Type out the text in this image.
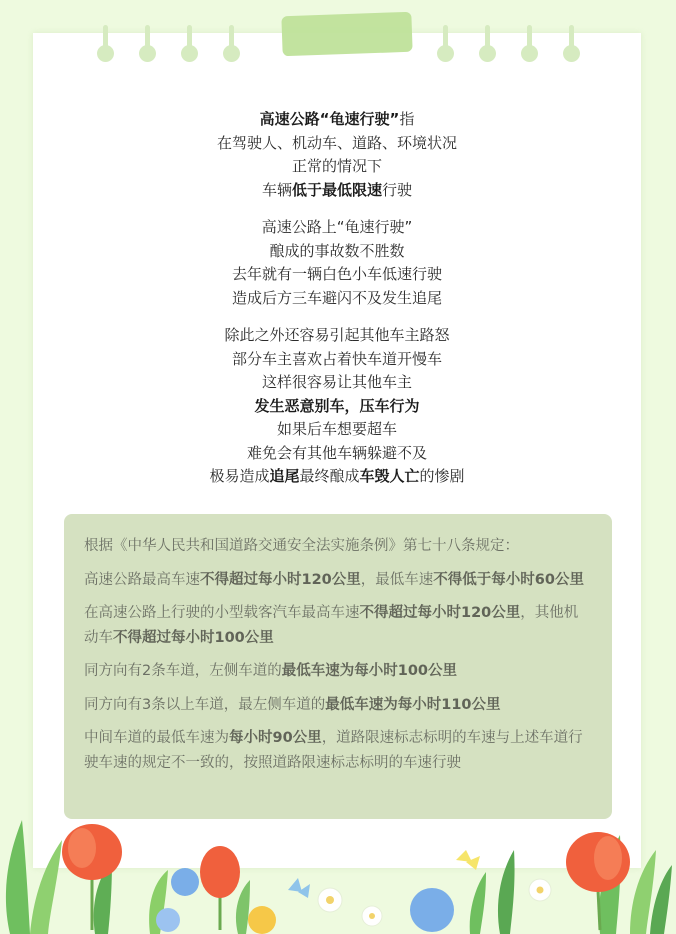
高速公路“龟速行驶”指
在驾驶人、机动车、道路、环境状况
正常的情况下
车辆低于最低限速行驶
高速公路上“龟速行驶”
酿成的事故数不胜数
去年就有一辆白色小车低速行驶
造成后方三车避闪不及发生追尾
除此之外还容易引起其他车主路怒
部分车主喜欢占着快车道开慢车
这样很容易让其他车主
发生恶意别车，压车行为
如果后车想要超车
难免会有其他车辆躲避不及
极易造成追尾最终酿成车毁人亡的惨剧

根据《中华人民共和国道路交通安全法实施条例》第七十八条规定：

高速公路最高车速不得超过每小时120公里，最低车速不得低于每小时60公里

在高速公路上行驶的小型载客汽车最高车速不得超过每小时120公里，其他机动车不得超过每小时100公里

同方向有2条车道，左侧车道的最低车速为每小时100公里

同方向有3条以上车道，最左侧车道的最低车速为每小时110公里

中间车道的最低车速为每小时90公里，道路限速标志标明的车速与上述车道行驶车速的规定不一致的，按照道路限速标志标明的车速行驶
